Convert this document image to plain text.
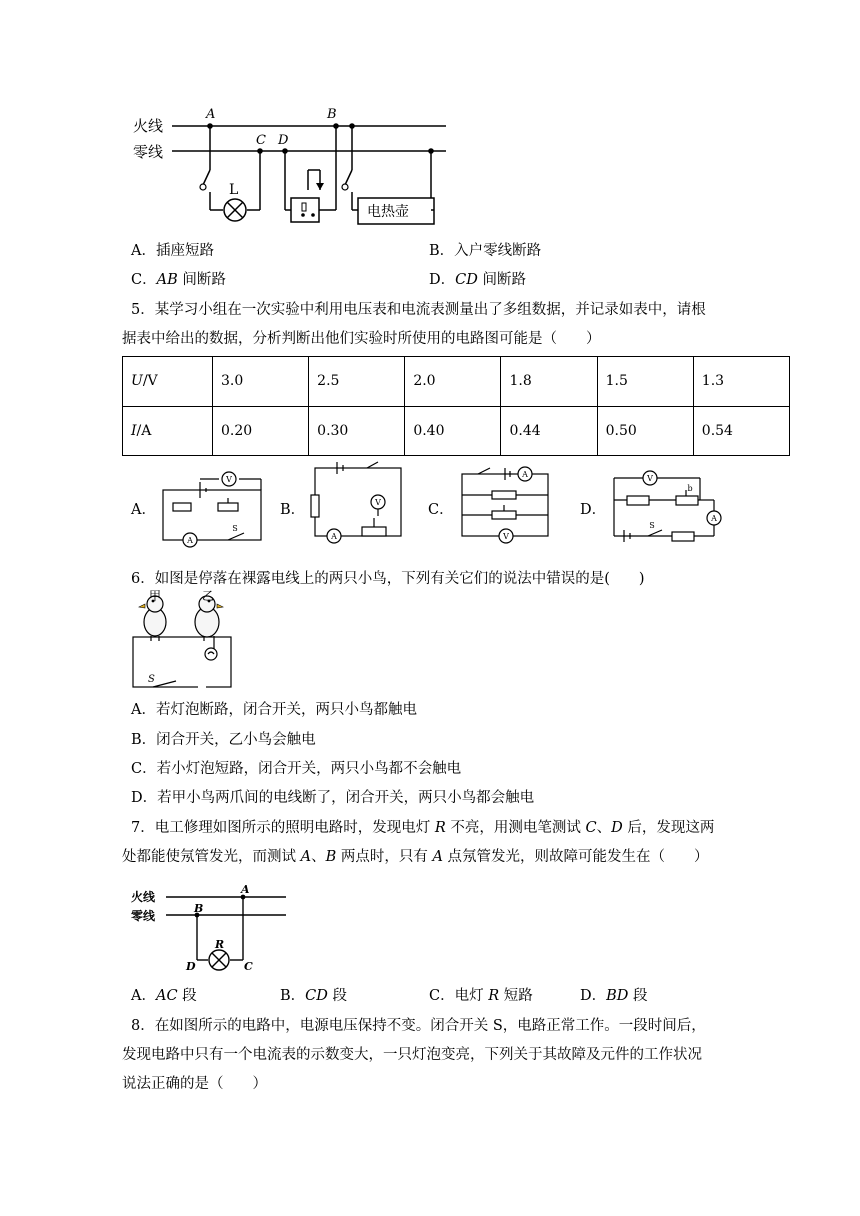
火线
零线
A
C D
B
L
电热壶
A．插座短路	B．入户零线断路
C．AB 间断路	D．CD 间断路
5．某学习小组在一次实验中利用电压表和电流表测量出了多组数据，并记录如表中，请根
据表中给出的数据，分析判断出他们实验时所使用的电路图可能是（　　）
U/V	3.0	2.5	2.0	1.8	1.5	1.3
I/A	0.20	0.30	0.40	0.44	0.50	0.54
A．	B．	C．	D．
V
A
V
A
A
V
V
A
S	S
b
6．如图是停落在裸露电线上的两只小鸟，下列有关它们的说法中错误的是(　　)
甲	乙
S
A．若灯泡断路，闭合开关，两只小鸟都触电
B．闭合开关，乙小鸟会触电
C．若小灯泡短路，闭合开关，两只小鸟都不会触电
D．若甲小鸟两爪间的电线断了，闭合开关，两只小鸟都会触电
7．电工修理如图所示的照明电路时，发现电灯 R 不亮，用测电笔测试 C、D 后，发现这两
处都能使氖管发光，而测试 A、B 两点时，只有 A 点氖管发光，则故障可能发生在（　　）
火线
零线
A
B
D	C
R
A．AC 段	B．CD 段	C．电灯 R 短路	D．BD 段
8．在如图所示的电路中，电源电压保持不变。闭合开关 S，电路正常工作。一段时间后，
发现电路中只有一个电流表的示数变大，一只灯泡变亮，下列关于其故障及元件的工作状况
说法正确的是（　　）
